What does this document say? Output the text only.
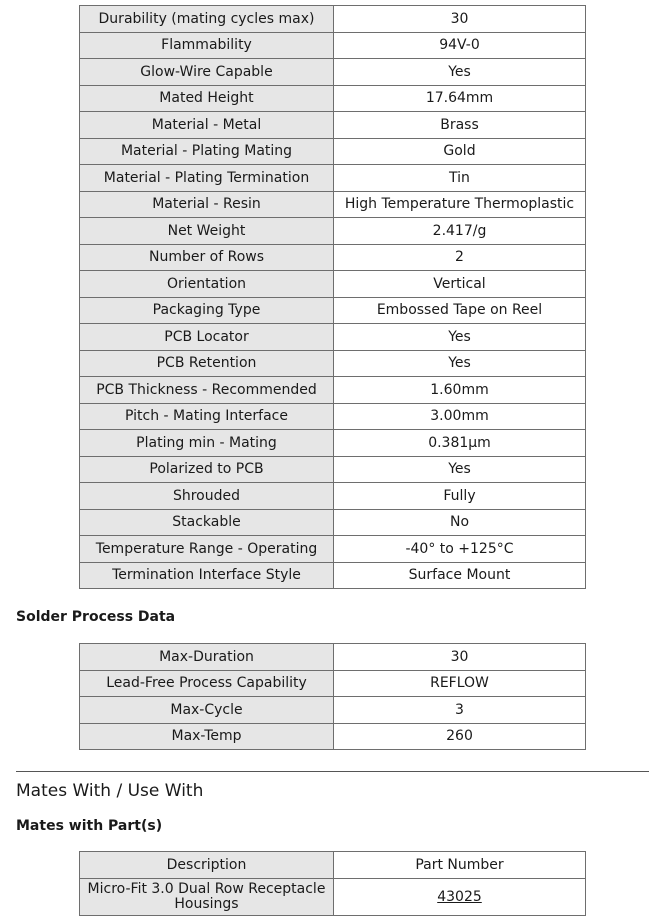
Durability (mating cycles max)	30
Flammability	94V-0
Glow-Wire Capable	Yes
Mated Height	17.64mm
Material - Metal	Brass
Material - Plating Mating	Gold
Material - Plating Termination	Tin
Material - Resin	High Temperature Thermoplastic
Net Weight	2.417/g
Number of Rows	2
Orientation	Vertical
Packaging Type	Embossed Tape on Reel
PCB Locator	Yes
PCB Retention	Yes
PCB Thickness - Recommended	1.60mm
Pitch - Mating Interface	3.00mm
Plating min - Mating	0.381µm
Polarized to PCB	Yes
Shrouded	Fully
Stackable	No
Temperature Range - Operating	-40° to +125°C
Termination Interface Style	Surface Mount
Solder Process Data
Max-Duration	30
Lead-Free Process Capability	REFLOW
Max-Cycle	3
Max-Temp	260
Mates With / Use With
Mates with Part(s)
Description	Part Number
Micro-Fit 3.0 Dual Row Receptacle Housings	43025
